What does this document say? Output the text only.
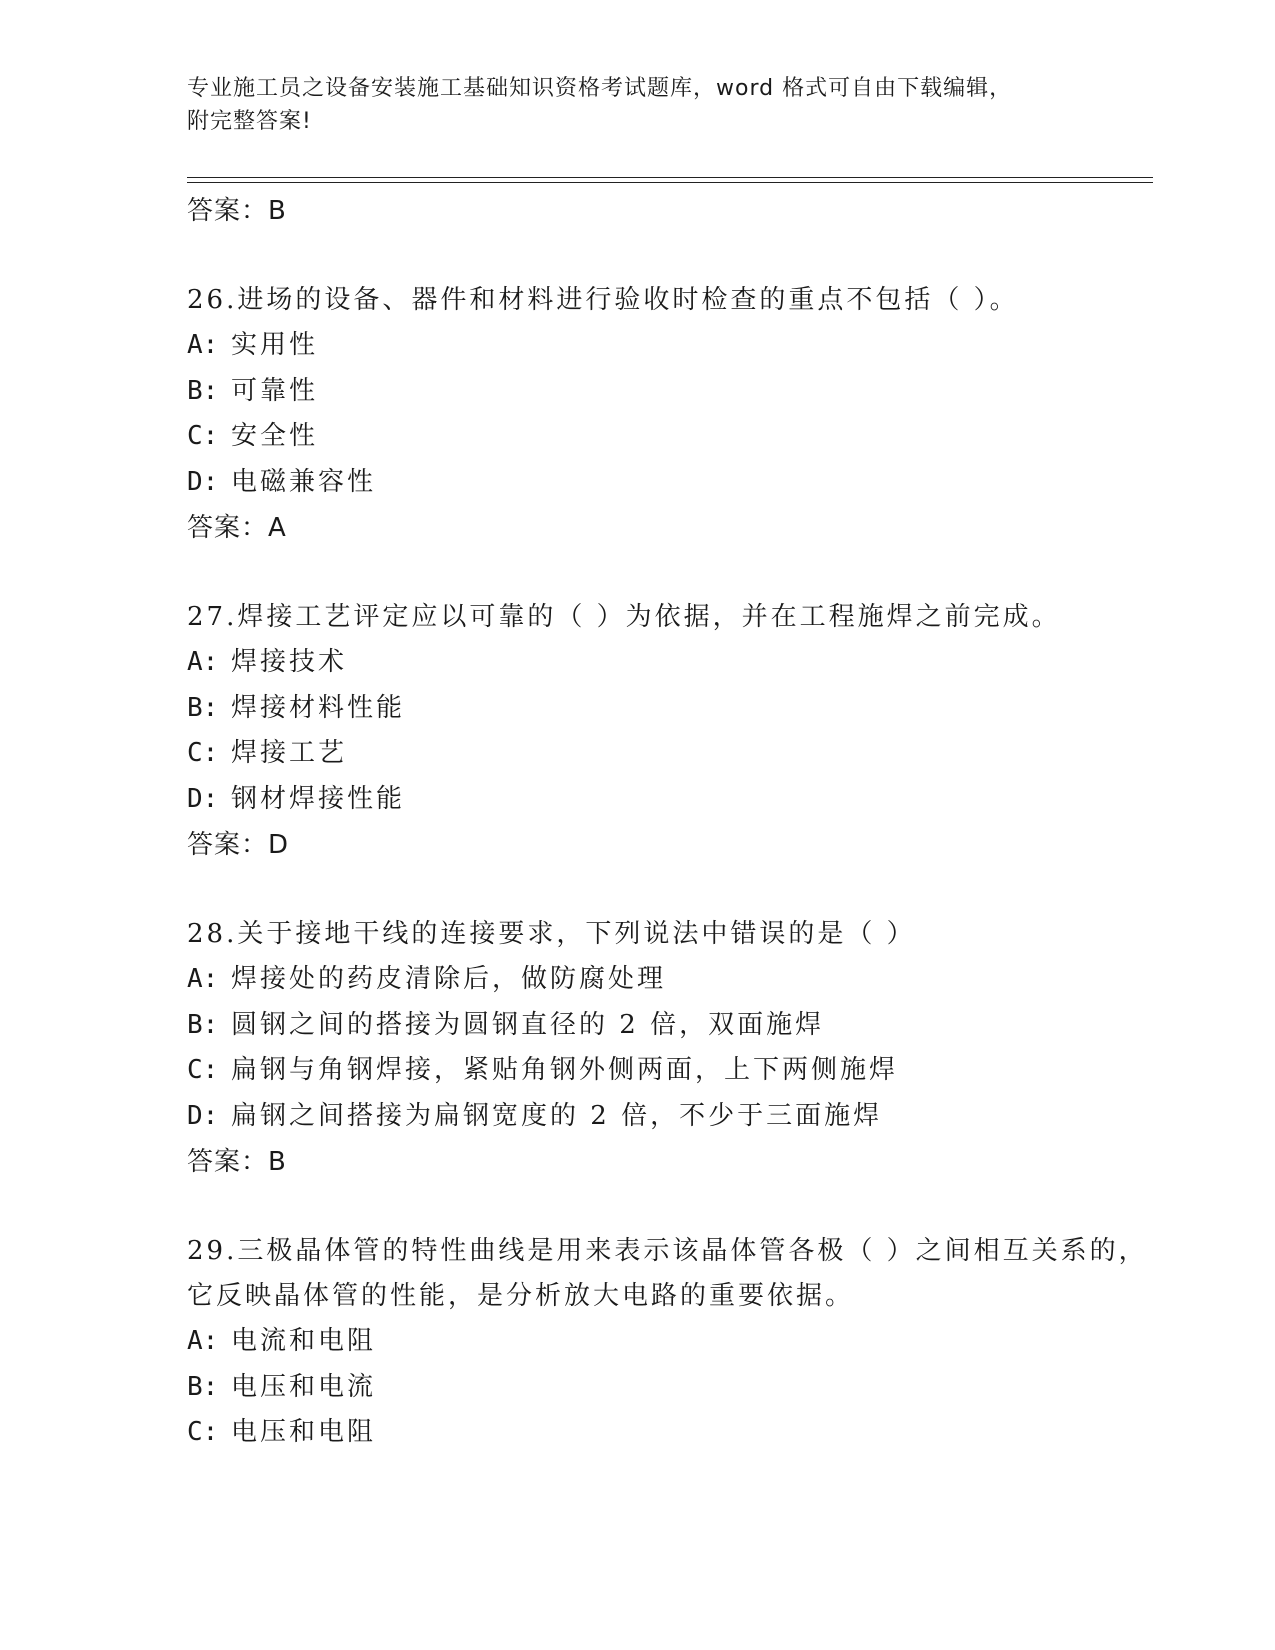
专业施工员之设备安装施工基础知识资格考试题库，word 格式可自由下载编辑，
附完整答案!
答案：B
26.进场的设备、器件和材料进行验收时检查的重点不包括（ ）。
A: 实用性
B: 可靠性
C: 安全性
D: 电磁兼容性
答案：A
27.焊接工艺评定应以可靠的（ ）为依据，并在工程施焊之前完成。
A: 焊接技术
B: 焊接材料性能
C: 焊接工艺
D: 钢材焊接性能
答案：D
28.关于接地干线的连接要求，下列说法中错误的是（ ）
A: 焊接处的药皮清除后，做防腐处理
B: 圆钢之间的搭接为圆钢直径的 2 倍，双面施焊
C: 扁钢与角钢焊接，紧贴角钢外侧两面，上下两侧施焊
D: 扁钢之间搭接为扁钢宽度的 2 倍，不少于三面施焊
答案：B
29.三极晶体管的特性曲线是用来表示该晶体管各极（ ）之间相互关系的，它反映晶体管的性能，是分析放大电路的重要依据。
A: 电流和电阻
B: 电压和电流
C: 电压和电阻
